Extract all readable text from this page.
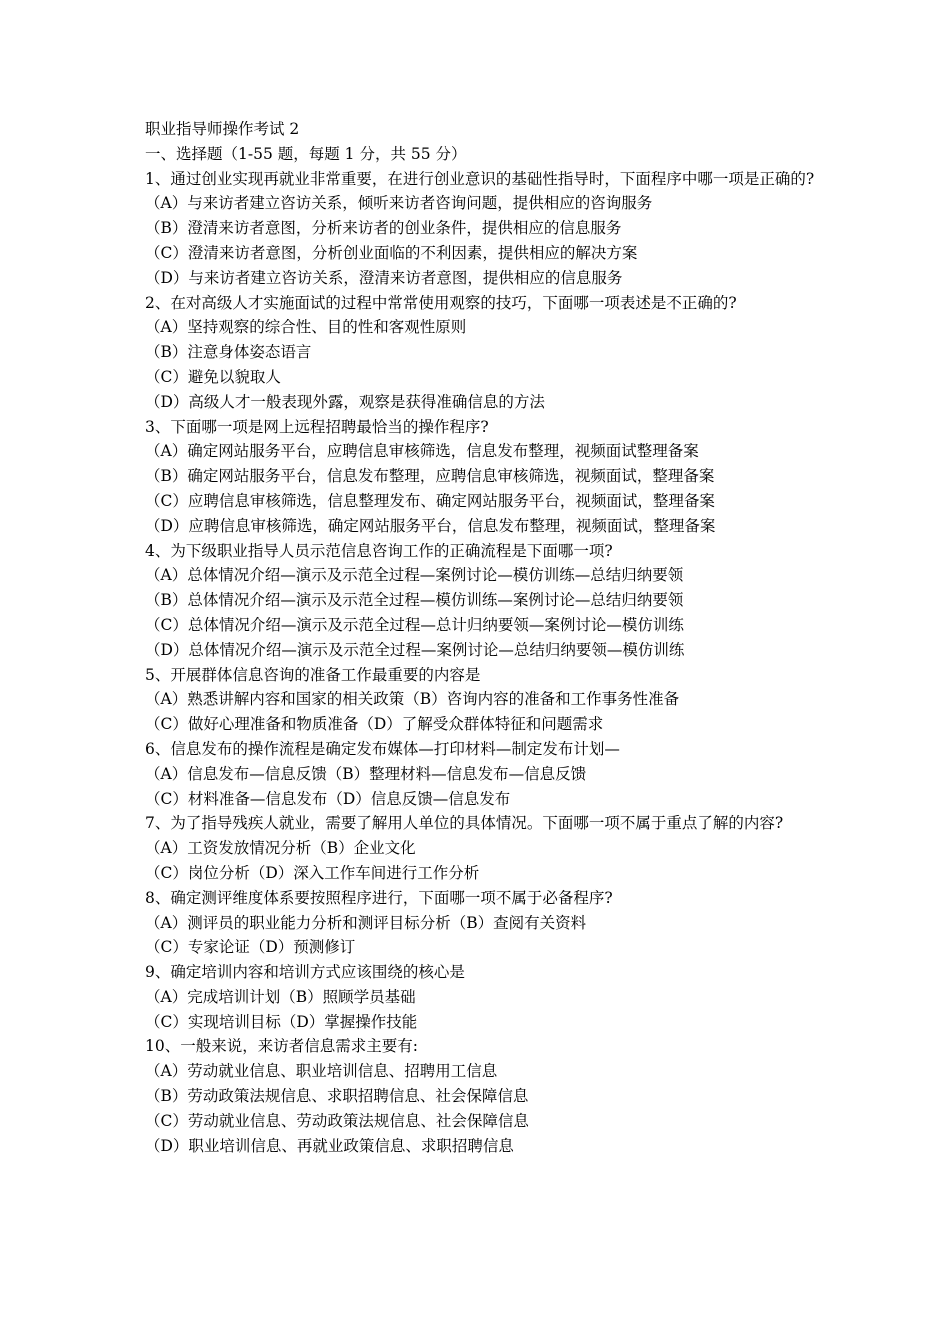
职业指导师操作考试 2

一、选择题（1-55 题，每题 1 分，共 55 分）

1、通过创业实现再就业非常重要，在进行创业意识的基础性指导时，下面程序中哪一项是正确的?

（A）与来访者建立咨访关系，倾听来访者咨询问题，提供相应的咨询服务

（B）澄清来访者意图，分析来访者的创业条件，提供相应的信息服务

（C）澄清来访者意图，分析创业面临的不利因素，提供相应的解决方案

（D）与来访者建立咨访关系，澄清来访者意图，提供相应的信息服务

2、在对高级人才实施面试的过程中常常使用观察的技巧，下面哪一项表述是不正确的?

（A）坚持观察的综合性、目的性和客观性原则

（B）注意身体姿态语言

（C）避免以貌取人

（D）高级人才一般表现外露，观察是获得准确信息的方法

3、下面哪一项是网上远程招聘最恰当的操作程序?

（A）确定网站服务平台，应聘信息审核筛选，信息发布整理，视频面试整理备案

（B）确定网站服务平台，信息发布整理，应聘信息审核筛选，视频面试，整理备案

（C）应聘信息审核筛选，信息整理发布、确定网站服务平台，视频面试，整理备案

（D）应聘信息审核筛选，确定网站服务平台，信息发布整理，视频面试，整理备案

4、为下级职业指导人员示范信息咨询工作的正确流程是下面哪一项?

（A）总体情况介绍—演示及示范全过程—案例讨论—模仿训练—总结归纳要领

（B）总体情况介绍—演示及示范全过程—模仿训练—案例讨论—总结归纳要领

（C）总体情况介绍—演示及示范全过程—总计归纳要领—案例讨论—模仿训练

（D）总体情况介绍—演示及示范全过程—案例讨论—总结归纳要领—模仿训练

5、开展群体信息咨询的准备工作最重要的内容是

（A）熟悉讲解内容和国家的相关政策（B）咨询内容的准备和工作事务性准备

（C）做好心理准备和物质准备（D）了解受众群体特征和问题需求

6、信息发布的操作流程是确定发布媒体—打印材料—制定发布计划—

（A）信息发布—信息反馈（B）整理材料—信息发布—信息反馈

（C）材料准备—信息发布（D）信息反馈—信息发布

7、为了指导残疾人就业，需要了解用人单位的具体情况。下面哪一项不属于重点了解的内容?

（A）工资发放情况分析（B）企业文化

（C）岗位分析（D）深入工作车间进行工作分析

8、确定测评维度体系要按照程序进行，下面哪一项不属于必备程序?

（A）测评员的职业能力分析和测评目标分析（B）查阅有关资料

（C）专家论证（D）预测修订

9、确定培训内容和培训方式应该围绕的核心是

（A）完成培训计划（B）照顾学员基础

（C）实现培训目标（D）掌握操作技能

10、一般来说，来访者信息需求主要有:

（A）劳动就业信息、职业培训信息、招聘用工信息

（B）劳动政策法规信息、求职招聘信息、社会保障信息

（C）劳动就业信息、劳动政策法规信息、社会保障信息

（D）职业培训信息、再就业政策信息、求职招聘信息
